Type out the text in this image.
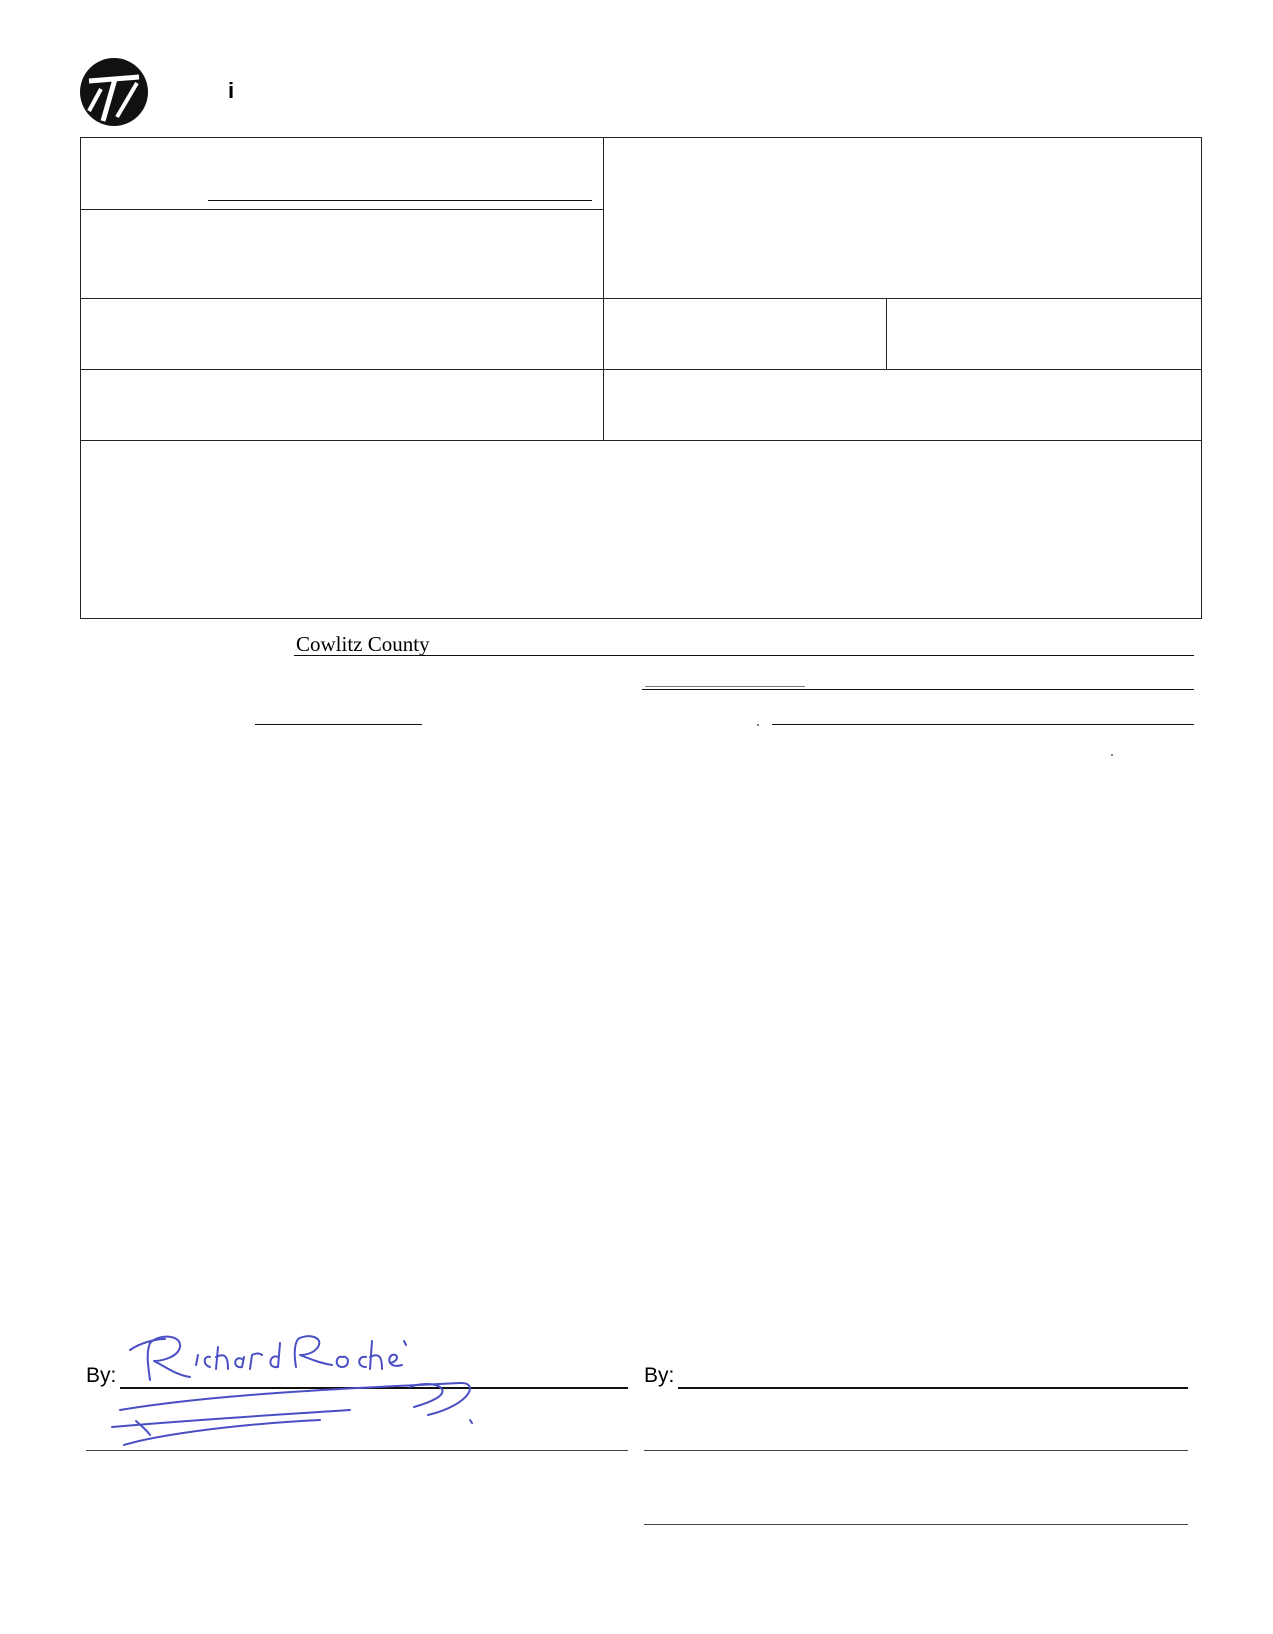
i
Cowlitz County
By:	By:
